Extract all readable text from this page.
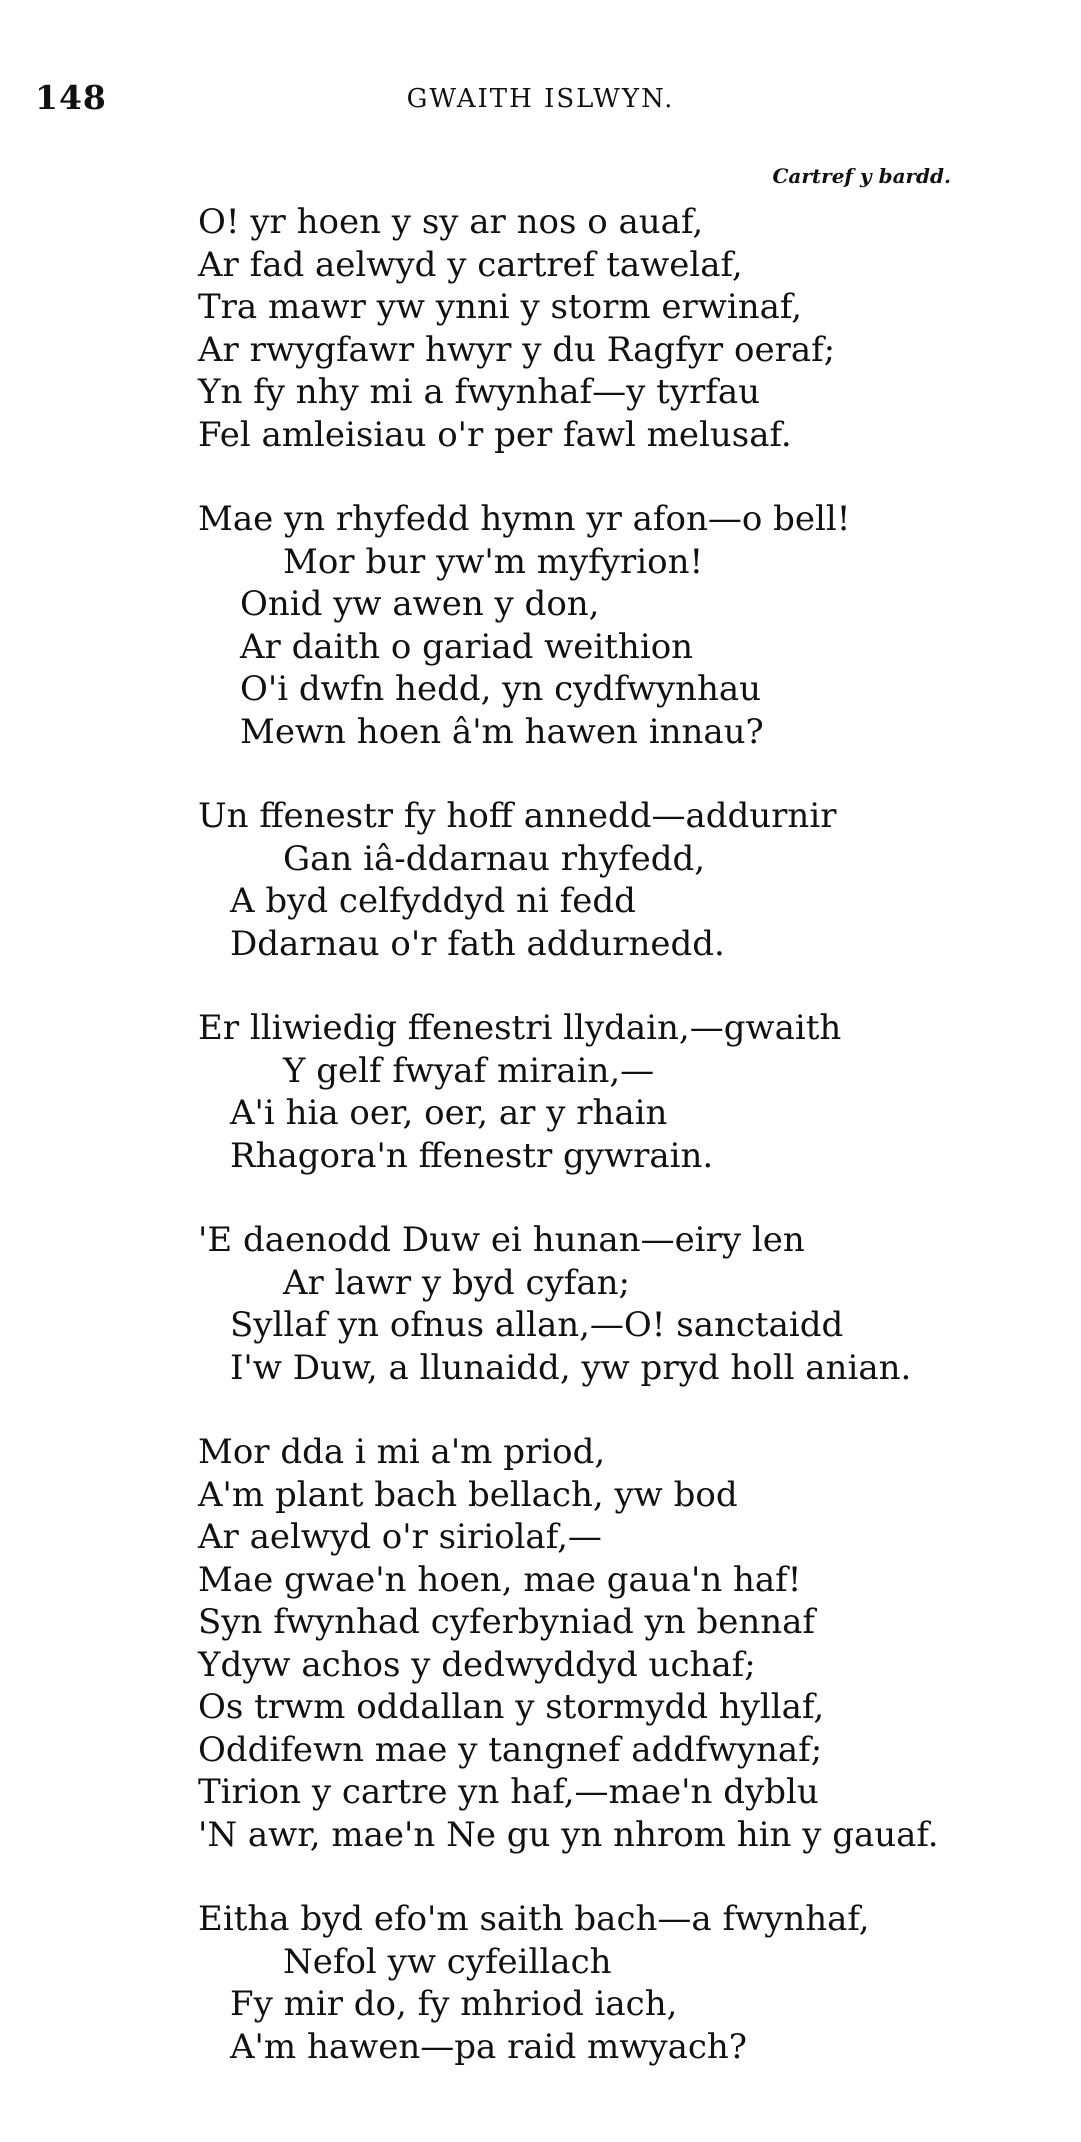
148	GWAITH ISLWYN.
Cartref y bardd.
O! yr hoen y sy ar nos o auaf,
Ar fad aelwyd y cartref tawelaf,
Tra mawr yw ynni y storm erwinaf,
Ar rwygfawr hwyr y du Ragfyr oeraf;
Yn fy nhy mi a fwynhaf—y tyrfau
Fel amleisiau o'r per fawl melusaf.
Mae yn rhyfedd hymn yr afon—o bell!
Mor bur yw'm myfyrion!
Onid yw awen y don,
Ar daith o gariad weithion
O'i dwfn hedd, yn cydfwynhau
Mewn hoen â'm hawen innau?
Un ffenestr fy hoff annedd—addurnir
Gan iâ-ddarnau rhyfedd,
A byd celfyddyd ni fedd
Ddarnau o'r fath addurnedd.
Er lliwiedig ffenestri llydain,—gwaith
Y gelf fwyaf mirain,—
A'i hia oer, oer, ar y rhain
Rhagora'n ffenestr gywrain.
'E daenodd Duw ei hunan—eiry len
Ar lawr y byd cyfan;
Syllaf yn ofnus allan,—O! sanctaidd
I'w Duw, a llunaidd, yw pryd holl anian.
Mor dda i mi a'm priod,
A'm plant bach bellach, yw bod
Ar aelwyd o'r siriolaf,—
Mae gwae'n hoen, mae gaua'n haf!
Syn fwynhad cyferbyniad yn bennaf
Ydyw achos y dedwyddyd uchaf;
Os trwm oddallan y stormydd hyllaf,
Oddifewn mae y tangnef addfwynaf;
Tirion y cartre yn haf,—mae'n dyblu
'N awr, mae'n Ne gu yn nhrom hin y gauaf.
Eitha byd efo'm saith bach—a fwynhaf,
Nefol yw cyfeillach
Fy mir do, fy mhriod iach,
A'm hawen—pa raid mwyach?
